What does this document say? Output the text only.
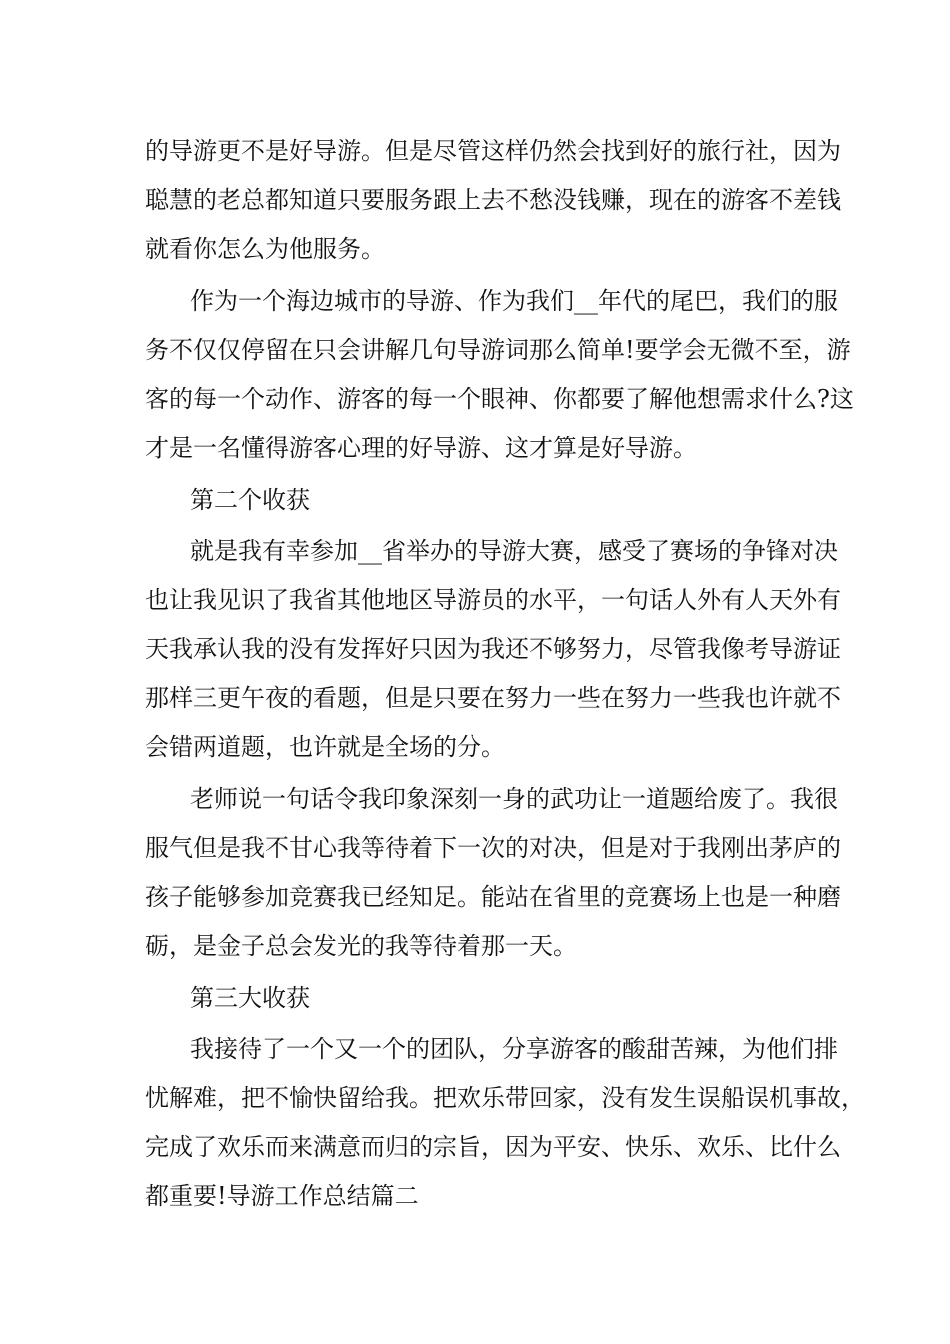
的导游更不是好导游。但是尽管这样仍然会找到好的旅行社，因为

聪慧的老总都知道只要服务跟上去不愁没钱赚，现在的游客不差钱

就看你怎么为他服务。

作为一个海边城市的导游、作为我们__年代的尾巴，我们的服

务不仅仅停留在只会讲解几句导游词那么简单!要学会无微不至，游

客的每一个动作、游客的每一个眼神、你都要了解他想需求什么?这

才是一名懂得游客心理的好导游、这才算是好导游。

第二个收获

就是我有幸参加__省举办的导游大赛，感受了赛场的争锋对决

也让我见识了我省其他地区导游员的水平，一句话人外有人天外有

天我承认我的没有发挥好只因为我还不够努力，尽管我像考导游证

那样三更午夜的看题，但是只要在努力一些在努力一些我也许就不

会错两道题，也许就是全场的分。

老师说一句话令我印象深刻一身的武功让一道题给废了。我很

服气但是我不甘心我等待着下一次的对决，但是对于我刚出茅庐的

孩子能够参加竞赛我已经知足。能站在省里的竞赛场上也是一种磨

砺，是金子总会发光的我等待着那一天。

第三大收获

我接待了一个又一个的团队，分享游客的酸甜苦辣，为他们排

忧解难，把不愉快留给我。把欢乐带回家，没有发生误船误机事故，

完成了欢乐而来满意而归的宗旨，因为平安、快乐、欢乐、比什么

都重要!导游工作总结篇二
